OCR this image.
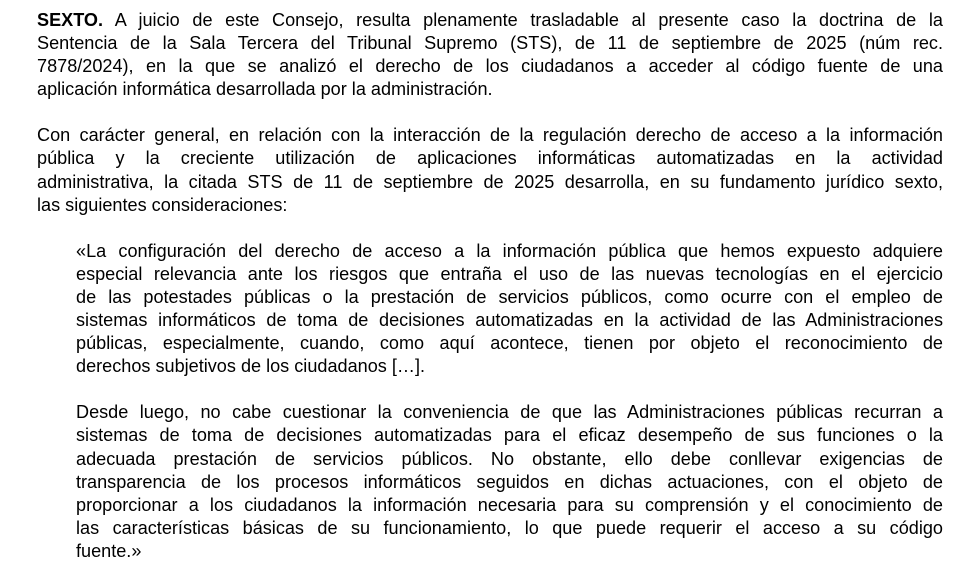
SEXTO. A juicio de este Consejo, resulta plenamente trasladable al presente caso la doctrina de la
Sentencia de la Sala Tercera del Tribunal Supremo (STS), de 11 de septiembre de 2025 (núm rec.
7878/2024), en la que se analizó el derecho de los ciudadanos a acceder al código fuente de una
aplicación informática desarrollada por la administración.
Con carácter general, en relación con la interacción de la regulación derecho de acceso a la información
pública y la creciente utilización de aplicaciones informáticas automatizadas en la actividad
administrativa, la citada STS de 11 de septiembre de 2025 desarrolla, en su fundamento jurídico sexto,
las siguientes consideraciones:
«La configuración del derecho de acceso a la información pública que hemos expuesto adquiere
especial relevancia ante los riesgos que entraña el uso de las nuevas tecnologías en el ejercicio
de las potestades públicas o la prestación de servicios públicos, como ocurre con el empleo de
sistemas informáticos de toma de decisiones automatizadas en la actividad de las Administraciones
públicas, especialmente, cuando, como aquí acontece, tienen por objeto el reconocimiento de
derechos subjetivos de los ciudadanos […].
Desde luego, no cabe cuestionar la conveniencia de que las Administraciones públicas recurran a
sistemas de toma de decisiones automatizadas para el eficaz desempeño de sus funciones o la
adecuada prestación de servicios públicos. No obstante, ello debe conllevar exigencias de
transparencia de los procesos informáticos seguidos en dichas actuaciones, con el objeto de
proporcionar a los ciudadanos la información necesaria para su comprensión y el conocimiento de
las características básicas de su funcionamiento, lo que puede requerir el acceso a su código
fuente.»
